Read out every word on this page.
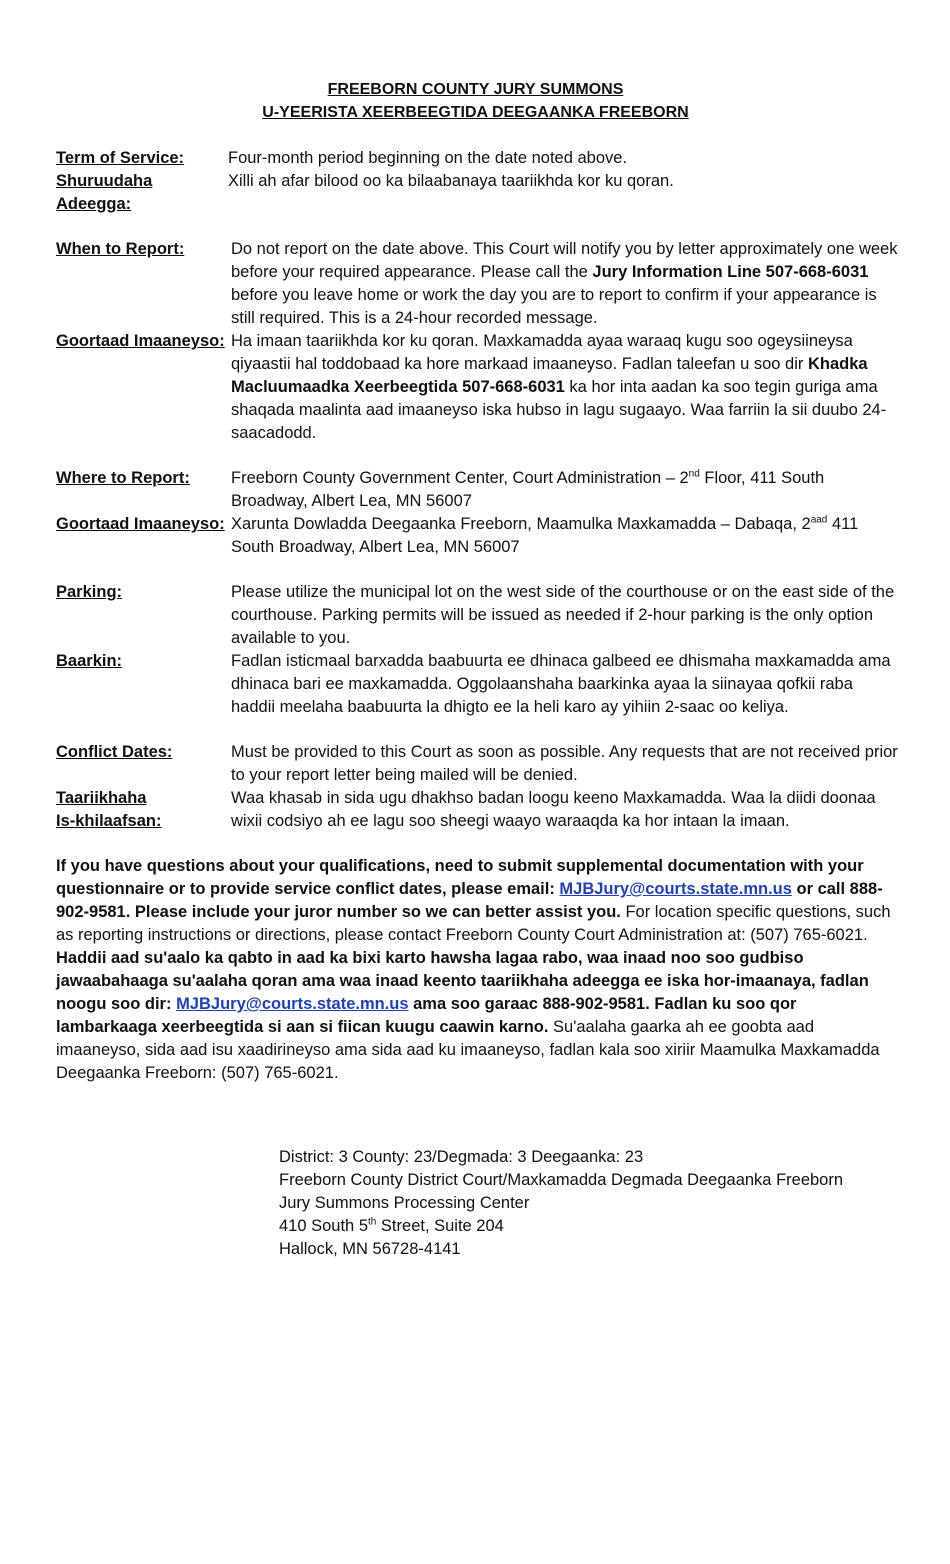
FREEBORN COUNTY JURY SUMMONS
U-YEERISTA XEERBEEGTIDA DEEGAANKA FREEBORN
Term of Service:	Four-month period beginning on the date noted above.
Shuruudaha Adeegga:
Xilli ah afar bilood oo ka bilaabanaya taariikhda kor ku qoran.
When to Report:	Do not report on the date above. This Court will notify you by letter approximately one week before your required appearance. Please call the Jury Information Line 507-668-6031 before you leave home or work the day you are to report to confirm if your appearance is still required. This is a 24-hour recorded message.
Goortaad Imaaneyso: Ha imaan taariikhda kor ku qoran. Maxkamadda ayaa waraaq kugu soo ogeysiineysa qiyaastii hal toddobaad ka hore markaad imaaneyso. Fadlan taleefan u soo dir Khadka Macluumaadka Xeerbeegtida 507-668-6031 ka hor inta aadan ka soo tegin guriga ama shaqada maalinta aad imaaneyso iska hubso in lagu sugaayo. Waa farriin la sii duubo 24-saacadodd.
Where to Report:	Freeborn County Government Center, Court Administration – 2nd Floor, 411 South Broadway, Albert Lea, MN 56007
Goortaad Imaaneyso: Xarunta Dowladda Deegaanka Freeborn, Maamulka Maxkamadda – Dabaqa, $2^{aad}$ 411 South Broadway, Albert Lea, MN 56007
Parking:	Please utilize the municipal lot on the west side of the courthouse or on the east side of the courthouse. Parking permits will be issued as needed if 2-hour parking is the only option available to you.
Baarkin:	Fadlan isticmaal barxadda baabuurta ee dhinaca galbeed ee dhismaha maxkamadda ama dhinaca bari ee maxkamadda. Oggolaanshaha baarkinka ayaa la siinayaa qofkii raba haddii meelaha baabuurta la dhigto ee la heli karo ay yihiin 2-saac oo keliya.
Conflict Dates:	Must be provided to this Court as soon as possible. Any requests that are not received prior to your report letter being mailed will be denied.
Taariikhaha
Is-khilaafsan:
Waa khasab in sida ugu dhakhso badan loogu keeno Maxkamadda. Waa la diidi doonaa wixii codsiyo ah ee lagu soo sheegi waayo waraaqda ka hor intaan la imaan.

If you have questions about your qualifications, need to submit supplemental documentation with your questionnaire or to provide service conflict dates, please email: MJBJury@courts.state.mn.us or call 888-902-9581. Please include your juror number so we can better assist you. For location specific questions, such as reporting instructions or directions, please contact Freeborn County Court Administration at: (507) 765-6021.

Haddii aad su'aalo ka qabto in aad ka bixi karto hawsha lagaa rabo, waa inaad noo soo gudbiso jawaabahaaga su'aalaha qoran ama waa inaad keento taariikhaha adeegga ee iska hor-imaanaya, fadlan noogu soo dir: MJBJury@courts.state.mn.us ama soo garaac 888-902-9581. Fadlan ku soo qor lambarkaaga xeerbeegtida si aan si fiican kuugu caawin karno. Su'aalaha gaarka ah ee goobta aad imaaneyso, sida aad isu xaadirineyso ama sida aad ku imaaneyso, fadlan kala soo xiriir Maamulka Maxkamadda Deegaanka Freeborn: (507) 765-6021.

District: 3 County: 23/Degmada: 3 Deegaanka: 23
Freeborn County District Court/Maxkamadda Degmada Deegaanka Freeborn
Jury Summons Processing Center
410 South 5th Street, Suite 204
Hallock, MN 56728-4141
